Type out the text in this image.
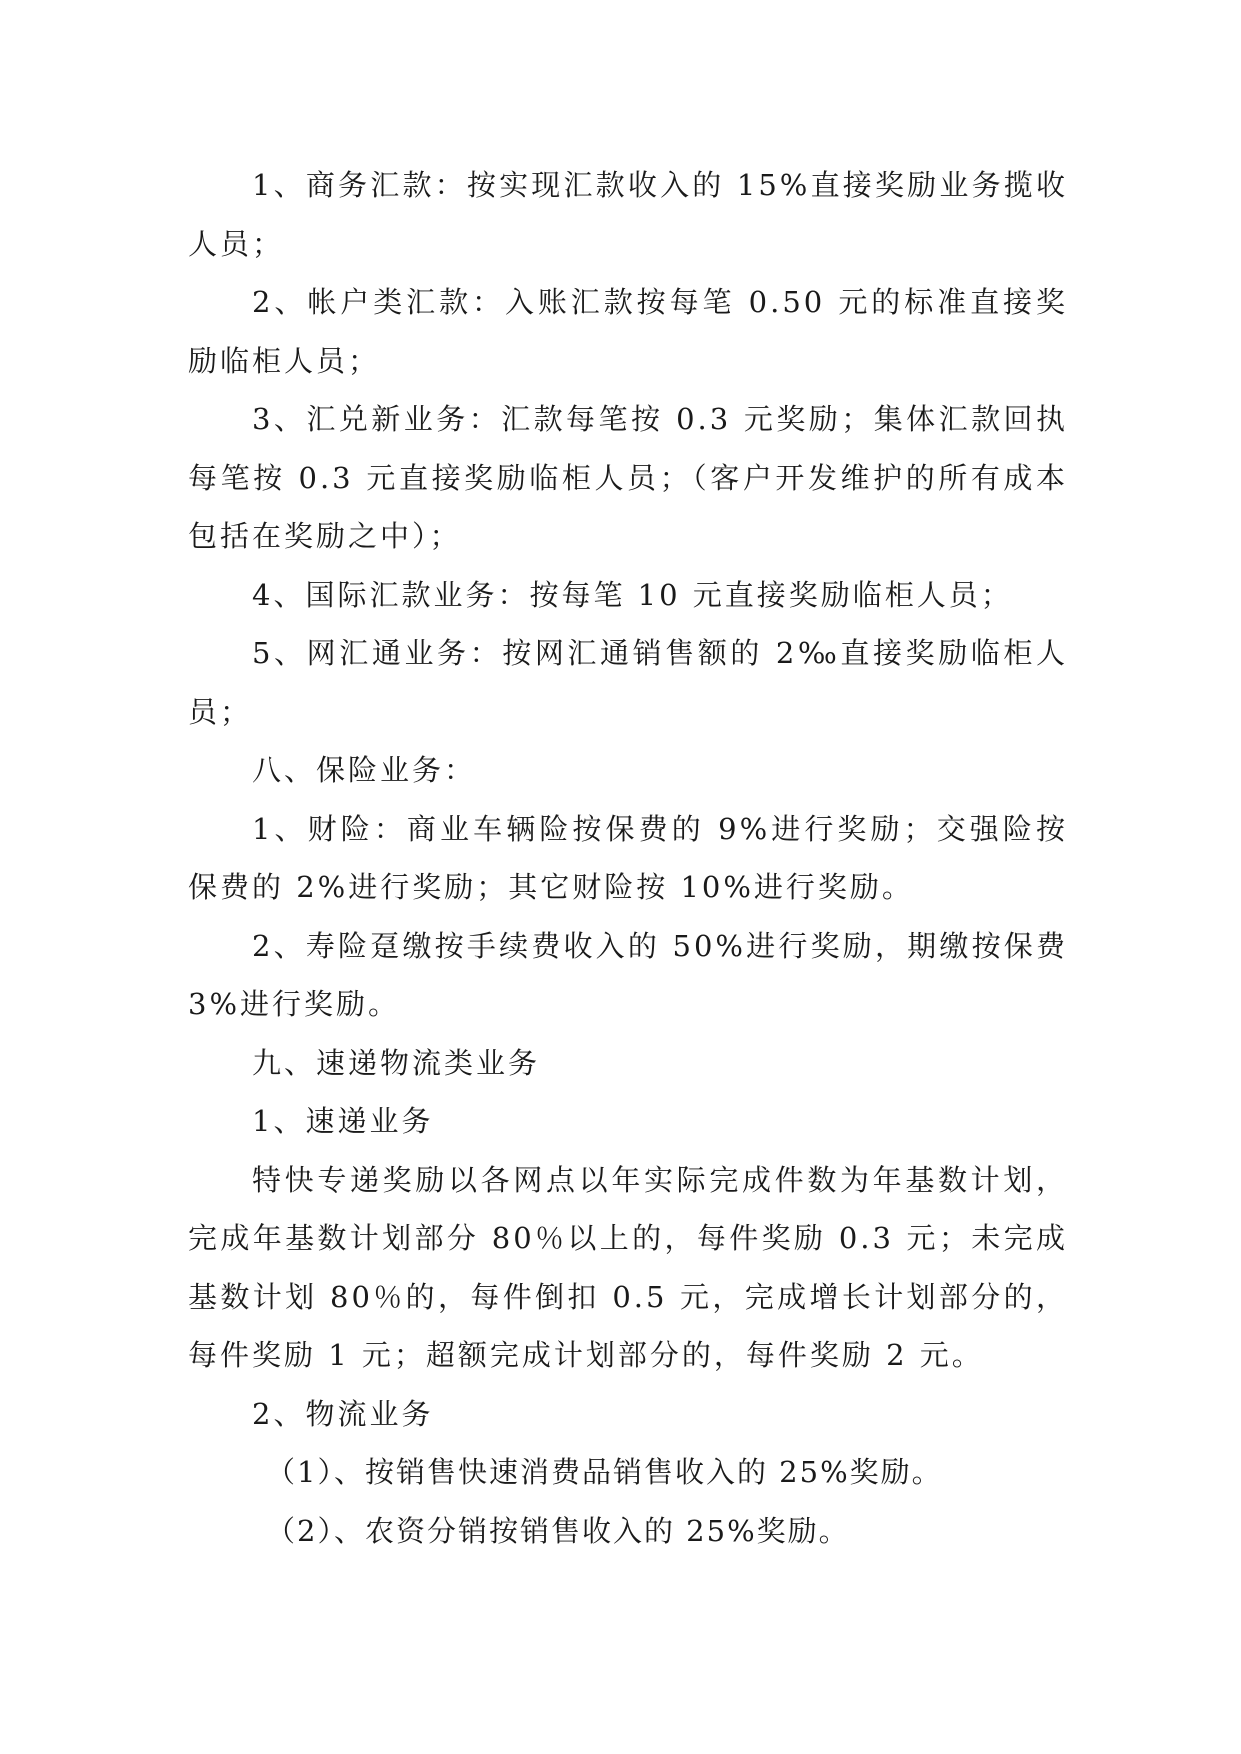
1、商务汇款：按实现汇款收入的 15%直接奖励业务揽收人员；

2、帐户类汇款：入账汇款按每笔 0.50 元的标准直接奖励临柜人员；

3、汇兑新业务：汇款每笔按 0.3 元奖励；集体汇款回执每笔按 0.3 元直接奖励临柜人员；（客户开发维护的所有成本包括在奖励之中）；

4、国际汇款业务：按每笔 10 元直接奖励临柜人员；

5、网汇通业务：按网汇通销售额的 2‰直接奖励临柜人员；

八、保险业务：

1、财险：商业车辆险按保费的 9%进行奖励；交强险按保费的 2%进行奖励；其它财险按 10%进行奖励。

2、寿险趸缴按手续费收入的 50%进行奖励，期缴按保费 3%进行奖励。

九、速递物流类业务

1、速递业务

特快专递奖励以各网点以年实际完成件数为年基数计划，完成年基数计划部分 80％以上的，每件奖励 0.3 元；未完成基数计划 80％的，每件倒扣 0.5 元，完成增长计划部分的，每件奖励 1 元；超额完成计划部分的，每件奖励 2 元。

2、物流业务

（1）、按销售快速消费品销售收入的 25%奖励。

（2）、农资分销按销售收入的 25%奖励。
